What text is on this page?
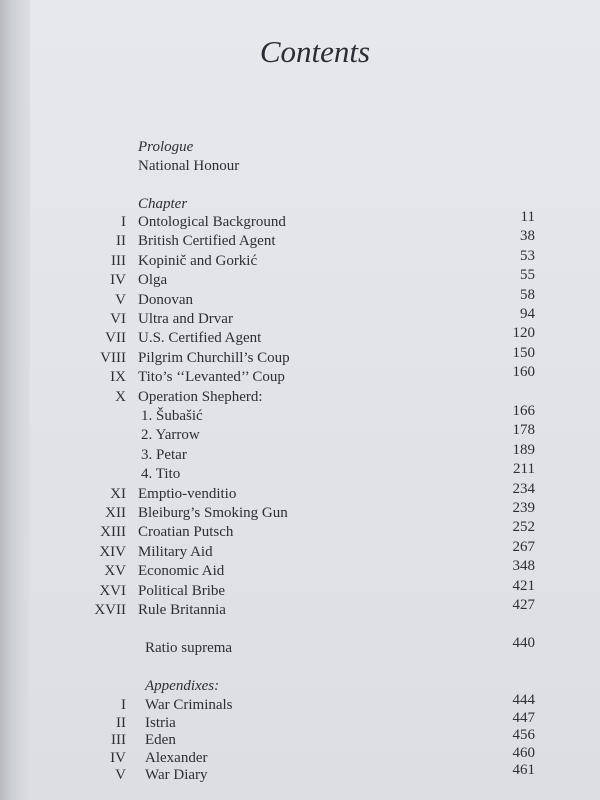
Contents
Prologue
National Honour
Chapter
I Ontological Background	11
II British Certified Agent	38
III Kopinič and Gorkić	53
IV Olga	55
V Donovan	58
VI Ultra and Drvar	94
VII U.S. Certified Agent	120
VIII Pilgrim Churchill’s Coup	150
IX Tito’s ‘‘Levanted’’ Coup	160
X Operation Shepherd:
1. Šubašić	166
2. Yarrow	178
3. Petar	189
4. Tito	211
XI Emptio-venditio	234
XII Bleiburg’s Smoking Gun	239
XIII Croatian Putsch	252
XIV Military Aid	267
XV Economic Aid	348
XVI Political Bribe	421
XVII Rule Britannia	427
Ratio suprema	440
Appendixes:
I War Criminals	444
II Istria	447
III Eden	456
IV Alexander	460
V War Diary	461
